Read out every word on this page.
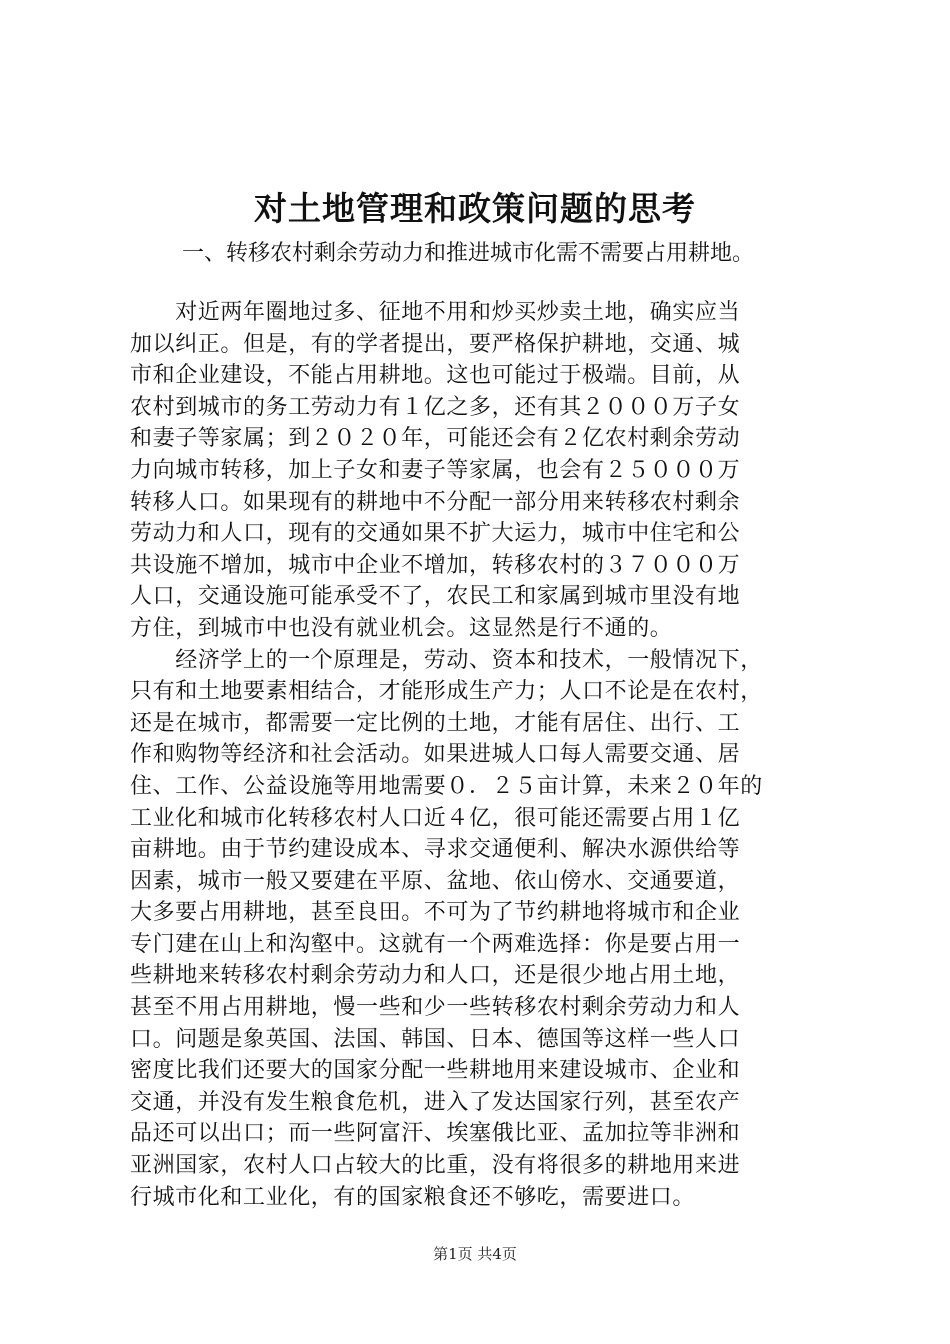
对土地管理和政策问题的思考
一、转移农村剩余劳动力和推进城市化需不需要占用耕地。
　　对近两年圈地过多、征地不用和炒买炒卖土地，确实应当
加以纠正。但是，有的学者提出，要严格保护耕地，交通、城
市和企业建设，不能占用耕地。这也可能过于极端。目前，从
农村到城市的务工劳动力有１亿之多，还有其２０００万子女
和妻子等家属；到２０２０年，可能还会有２亿农村剩余劳动
力向城市转移，加上子女和妻子等家属，也会有２５０００万
转移人口。如果现有的耕地中不分配一部分用来转移农村剩余
劳动力和人口，现有的交通如果不扩大运力，城市中住宅和公
共设施不增加，城市中企业不增加，转移农村的３７０００万
人口，交通设施可能承受不了，农民工和家属到城市里没有地
方住，到城市中也没有就业机会。这显然是行不通的。
　　经济学上的一个原理是，劳动、资本和技术，一般情况下，
只有和土地要素相结合，才能形成生产力；人口不论是在农村，
还是在城市，都需要一定比例的土地，才能有居住、出行、工
作和购物等经济和社会活动。如果进城人口每人需要交通、居
住、工作、公益设施等用地需要０．２５亩计算，未来２０年的
工业化和城市化转移农村人口近４亿，很可能还需要占用１亿
亩耕地。由于节约建设成本、寻求交通便利、解决水源供给等
因素，城市一般又要建在平原、盆地、依山傍水、交通要道，
大多要占用耕地，甚至良田。不可为了节约耕地将城市和企业
专门建在山上和沟壑中。这就有一个两难选择：你是要占用一
些耕地来转移农村剩余劳动力和人口，还是很少地占用土地，
甚至不用占用耕地，慢一些和少一些转移农村剩余劳动力和人
口。问题是象英国、法国、韩国、日本、德国等这样一些人口
密度比我们还要大的国家分配一些耕地用来建设城市、企业和
交通，并没有发生粮食危机，进入了发达国家行列，甚至农产
品还可以出口；而一些阿富汗、埃塞俄比亚、孟加拉等非洲和
亚洲国家，农村人口占较大的比重，没有将很多的耕地用来进
行城市化和工业化，有的国家粮食还不够吃，需要进口。
第1页 共4页
